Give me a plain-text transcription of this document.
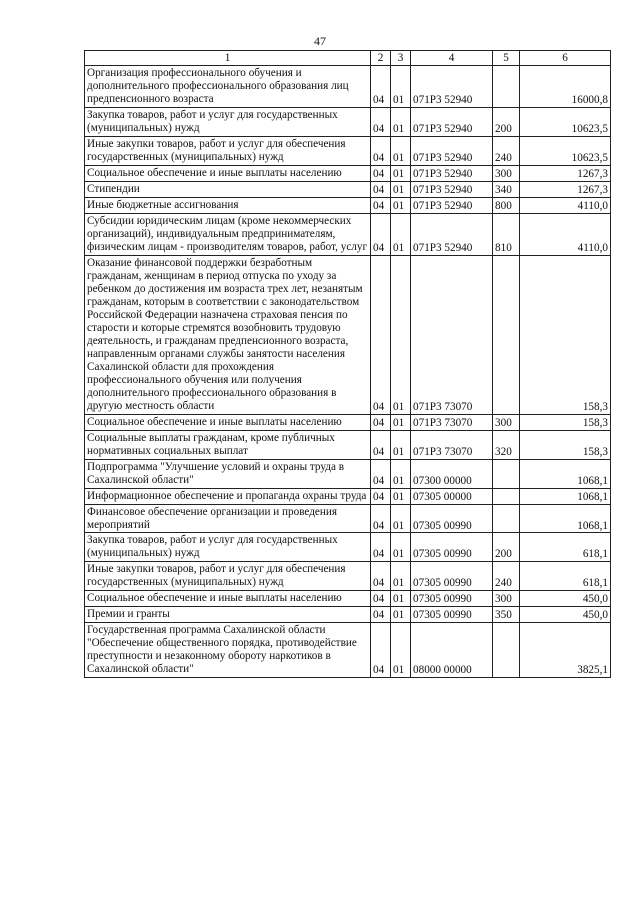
47
1	2	3	4	5	6
Организация профессионального обучения и дополнительного профессионального образования лиц предпенсионного возраста	04	01	071P3 52940		16000,8
Закупка товаров, работ и услуг для государственных (муниципальных) нужд	04	01	071P3 52940	200	10623,5
Иные закупки товаров, работ и услуг для обеспечения государственных (муниципальных) нужд	04	01	071P3 52940	240	10623,5
Социальное обеспечение и иные выплаты населению	04	01	071P3 52940	300	1267,3
Стипендии	04	01	071P3 52940	340	1267,3
Иные бюджетные ассигнования	04	01	071P3 52940	800	4110,0
Субсидии юридическим лицам (кроме некоммерческих организаций), индивидуальным предпринимателям, физическим лицам - производителям товаров, работ, услуг	04	01	071P3 52940	810	4110,0
Оказание финансовой поддержки безработным гражданам, женщинам в период отпуска по уходу за ребенком до достижения им возраста трех лет, незанятым гражданам, которым в соответствии с законодательством Российской Федерации назначена страховая пенсия по старости и которые стремятся возобновить трудовую деятельность, и гражданам предпенсионного возраста, направленным органами службы занятости населения Сахалинской области для прохождения профессионального обучения или получения дополнительного профессионального образования в другую местность области	04	01	071P3 73070		158,3
Социальное обеспечение и иные выплаты населению	04	01	071P3 73070	300	158,3
Социальные выплаты гражданам, кроме публичных нормативных социальных выплат	04	01	071P3 73070	320	158,3
Подпрограмма "Улучшение условий и охраны труда в Сахалинской области"	04	01	07300 00000		1068,1
Информационное обеспечение и пропаганда охраны труда	04	01	07305 00000		1068,1
Финансовое обеспечение организации и проведения мероприятий	04	01	07305 00990		1068,1
Закупка товаров, работ и услуг для государственных (муниципальных) нужд	04	01	07305 00990	200	618,1
Иные закупки товаров, работ и услуг для обеспечения государственных (муниципальных) нужд	04	01	07305 00990	240	618,1
Социальное обеспечение и иные выплаты населению	04	01	07305 00990	300	450,0
Премии и гранты	04	01	07305 00990	350	450,0
Государственная программа Сахалинской области "Обеспечение общественного порядка, противодействие преступности и незаконному обороту наркотиков в Сахалинской области"	04	01	08000 00000		3825,1
